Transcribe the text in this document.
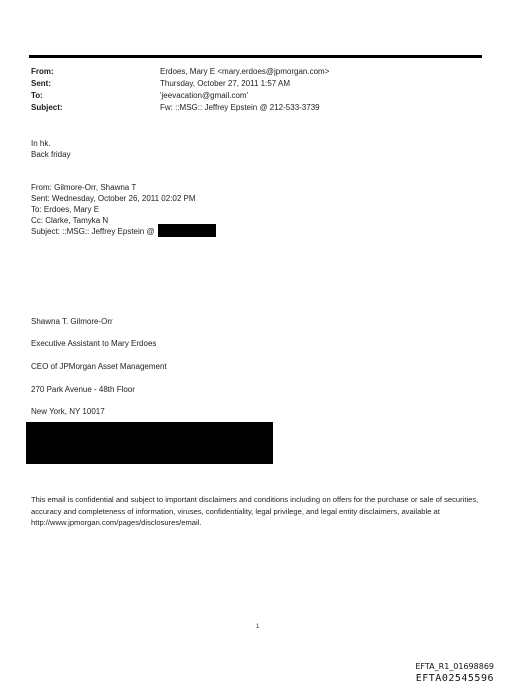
From:	Erdoes, Mary E <mary.erdoes@jpmorgan.com>
Sent:	Thursday, October 27, 2011 1:57 AM
To:	'jeevacation@gmail.com'
Subject:	Fw: ::MSG:: Jeffrey Epstein @ 212-533-3739
In hk.
Back friday
From: Gilmore-Orr, Shawna T
Sent: Wednesday, October 26, 2011 02:02 PM
To: Erdoes, Mary E
Cc: Clarke, Tamyka N
Subject: ::MSG:: Jeffrey Epstein @
Shawna T. Gilmore-Orr
Executive Assistant to Mary Erdoes
CEO of JPMorgan Asset Management
270 Park Avenue - 48th Floor
New York, NY 10017
This email is confidential and subject to important disclaimers and conditions including on offers for the purchase or sale of securities, accuracy and completeness of information, viruses, confidentiality, legal privilege, and legal entity disclaimers, available at http://www.jpmorgan.com/pages/disclosures/email.
1
EFTA_R1_01698869
EFTA02545596
